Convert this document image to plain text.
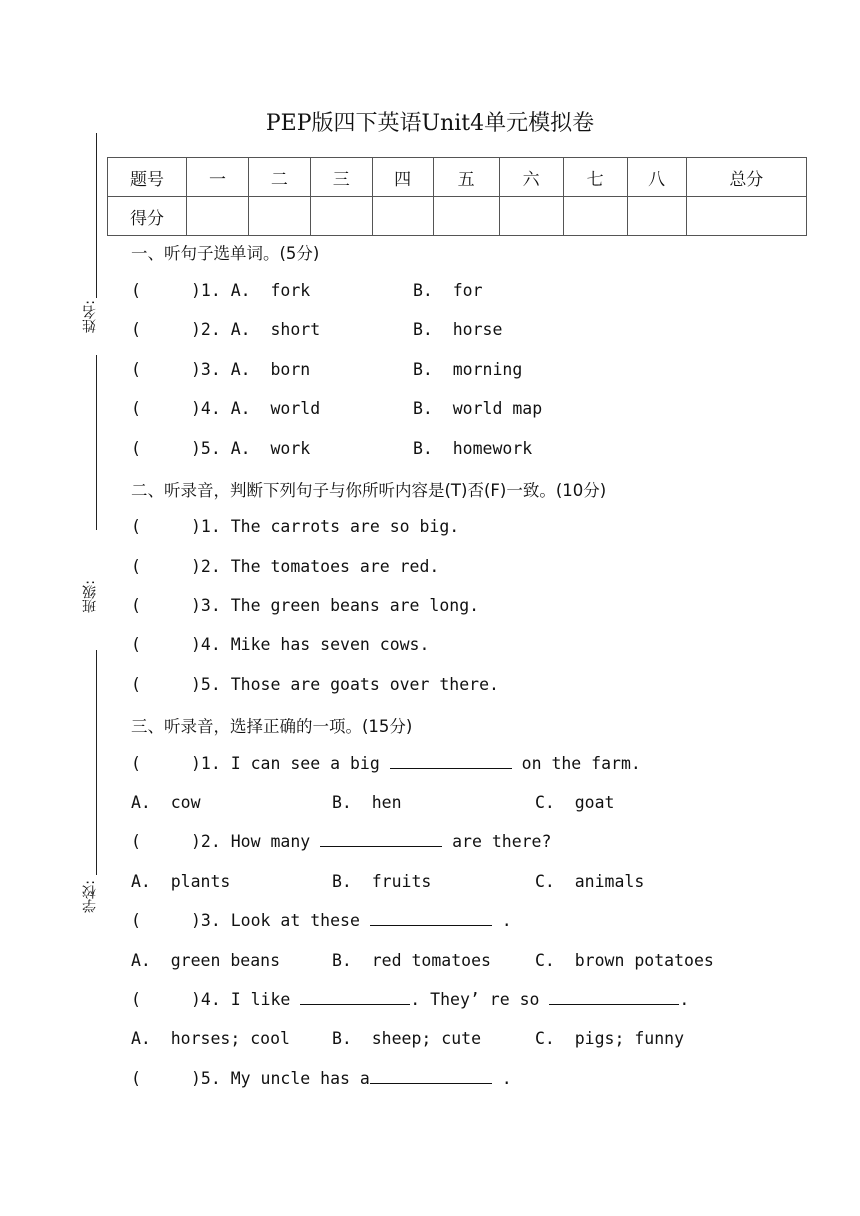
PEP版四下英语Unit4单元模拟卷
姓名:
班级:
学校:
题号	一	二	三	四	五	六	七	八	总分
得分									
一、听句子选单词。(5分)
(	)1. A.  fork	B.  for
(	)2. A.  short	B.  horse
(	)3. A.  born	B.  morning
(	)4. A.  world	B.  world map
(	)5. A.  work	B.  homework
二、听录音，判断下列句子与你所听内容是(T)否(F)一致。(10分)
(	)1. The carrots are so big.
(	)2. The tomatoes are red.
(	)3. The green beans are long.
(	)4. Mike has seven cows.
(	)5. Those are goats over there.
三、听录音，选择正确的一项。(15分)
(	)1. I can see a big	on the farm.
A.  cow	B.  hen	C.  goat
(	)2. How many	are there?
A.  plants	B.  fruits	C.  animals
(	)3. Look at these	.
A.  green beans	B.  red tomatoes	C.  brown potatoes
(	)4. I like	. They’ re so	.
A.  horses; cool	B.  sheep; cute	C.  pigs; funny
(	)5. My uncle has a	.
